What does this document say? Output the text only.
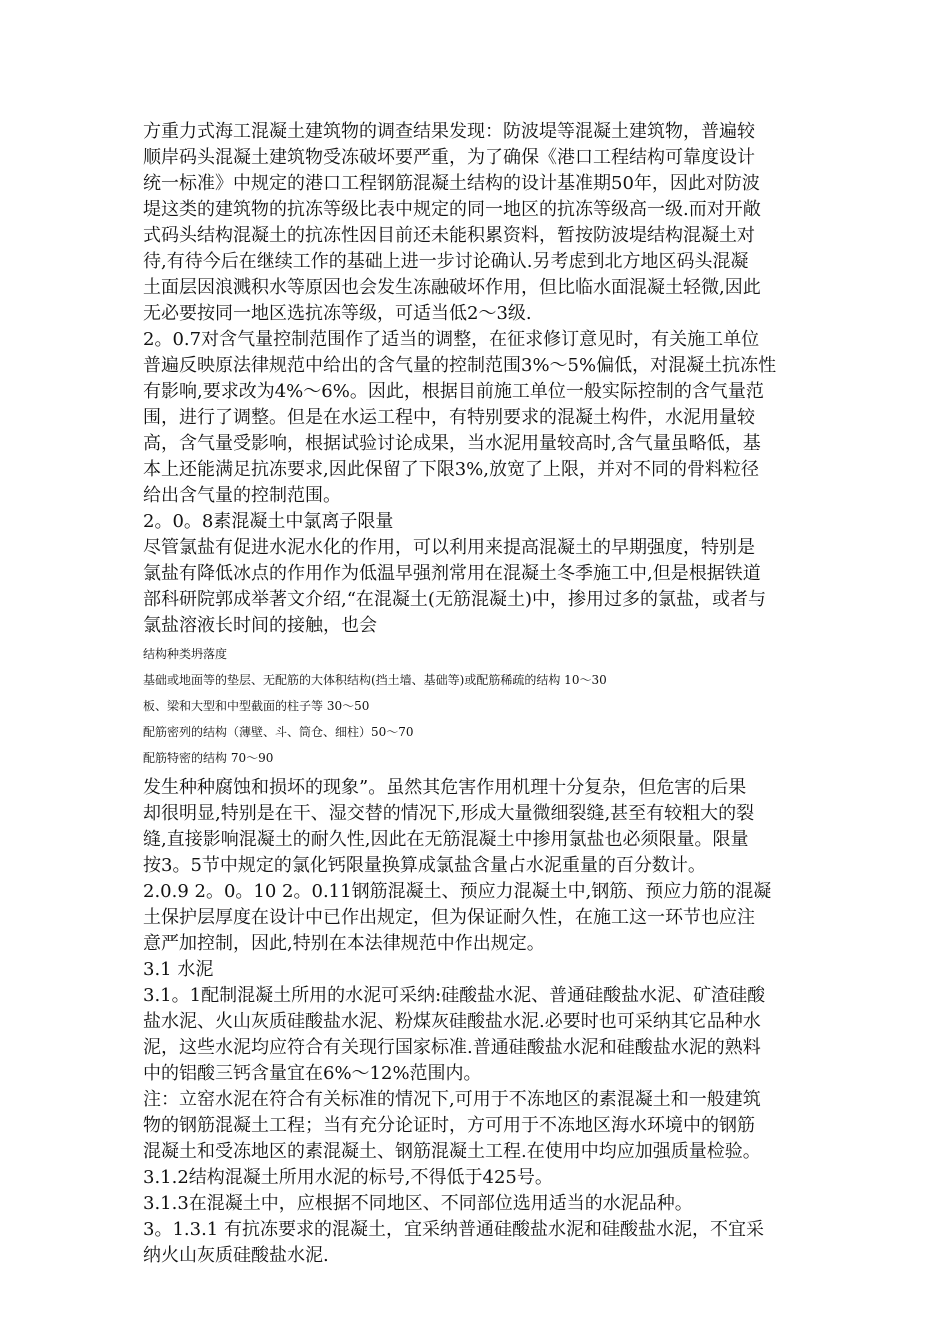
方重力式海工混凝土建筑物的调查结果发现：防波堤等混凝土建筑物，普遍较
顺岸码头混凝土建筑物受冻破坏要严重，为了确保《港口工程结构可靠度设计
统一标准》中规定的港口工程钢筋混凝土结构的设计基准期50年，因此对防波
堤这类的建筑物的抗冻等级比表中规定的同一地区的抗冻等级高一级.而对开敞
式码头结构混凝土的抗冻性因目前还未能积累资料，暂按防波堤结构混凝土对
待,有待今后在继续工作的基础上进一步讨论确认.另考虑到北方地区码头混凝
土面层因浪溅积水等原因也会发生冻融破坏作用，但比临水面混凝土轻微,因此
无必要按同一地区选抗冻等级，可适当低2～3级.
2。0.7对含气量控制范围作了适当的调整，在征求修订意见时，有关施工单位
普遍反映原法律规范中给出的含气量的控制范围3%～5%偏低，对混凝土抗冻性
有影响,要求改为4%～6%。因此，根据目前施工单位一般实际控制的含气量范
围，进行了调整。但是在水运工程中，有特别要求的混凝土构件，水泥用量较
高，含气量受影响，根据试验讨论成果，当水泥用量较高时,含气量虽略低，基
本上还能满足抗冻要求,因此保留了下限3%,放宽了上限，并对不同的骨料粒径
给出含气量的控制范围。
2。0。8素混凝土中氯离子限量
尽管氯盐有促进水泥水化的作用，可以利用来提高混凝土的早期强度，特别是
氯盐有降低冰点的作用作为低温早强剂常用在混凝土冬季施工中,但是根据铁道
部科研院郭成举著文介绍,“在混凝土(无筋混凝土)中，掺用过多的氯盐，或者与
氯盐溶液长时间的接触，也会
结构种类坍落度
基础或地面等的垫层、无配筋的大体积结构(挡土墙、基础等)或配筋稀疏的结构 10～30
板、梁和大型和中型截面的柱子等 30～50
配筋密列的结构（薄壁、斗、筒仓、细柱）50～70
配筋特密的结构 70～90
发生种种腐蚀和损坏的现象”。虽然其危害作用机理十分复杂，但危害的后果
却很明显,特别是在干、湿交替的情况下,形成大量微细裂缝,甚至有较粗大的裂
缝,直接影响混凝土的耐久性,因此在无筋混凝土中掺用氯盐也必须限量。限量
按3。5节中规定的氯化钙限量换算成氯盐含量占水泥重量的百分数计。
2.0.9 2。0。10 2。0.11钢筋混凝土、预应力混凝土中,钢筋、预应力筋的混凝
土保护层厚度在设计中已作出规定，但为保证耐久性，在施工这一环节也应注
意严加控制，因此,特别在本法律规范中作出规定。
3.1 水泥
3.1。1配制混凝土所用的水泥可采纳:硅酸盐水泥、普通硅酸盐水泥、矿渣硅酸
盐水泥、火山灰质硅酸盐水泥、粉煤灰硅酸盐水泥.必要时也可采纳其它品种水
泥，这些水泥均应符合有关现行国家标准.普通硅酸盐水泥和硅酸盐水泥的熟料
中的铝酸三钙含量宜在6%～12%范围内。
注：立窑水泥在符合有关标准的情况下,可用于不冻地区的素混凝土和一般建筑
物的钢筋混凝土工程；当有充分论证时，方可用于不冻地区海水环境中的钢筋
混凝土和受冻地区的素混凝土、钢筋混凝土工程.在使用中均应加强质量检验。
3.1.2结构混凝土所用水泥的标号,不得低于425号。
3.1.3在混凝土中，应根据不同地区、不同部位选用适当的水泥品种。
3。1.3.1 有抗冻要求的混凝土，宜采纳普通硅酸盐水泥和硅酸盐水泥，不宜采
纳火山灰质硅酸盐水泥.
